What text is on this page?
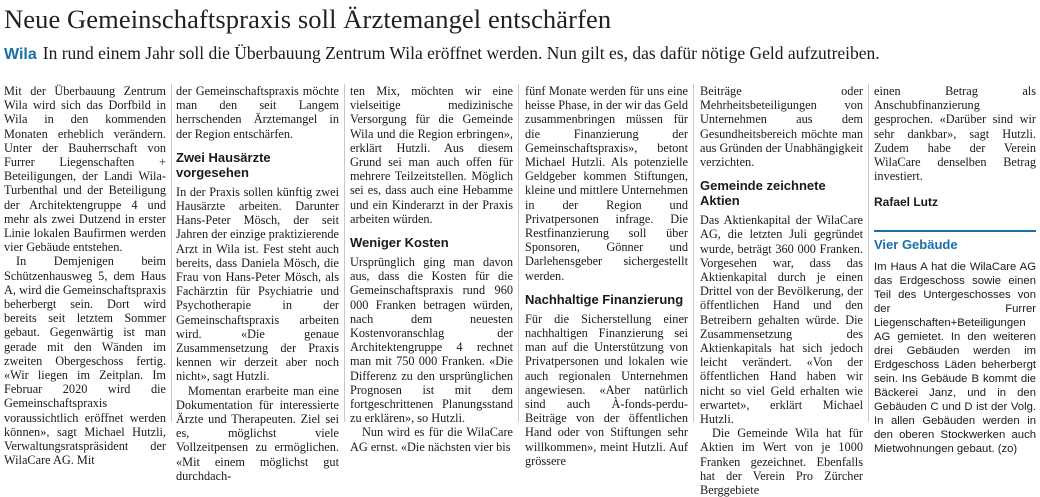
Neue Gemeinschaftspraxis soll Ärztemangel entschärfen
Wila In rund einem Jahr soll die Überbauung Zentrum Wila eröffnet werden. Nun gilt es, das dafür nötige Geld aufzutreiben.

Mit der Überbauung Zentrum Wila wird sich das Dorfbild in Wila in den kommenden Monaten erheblich verändern. Unter der Bauherrschaft von Furrer Liegenschaften + Beteiligungen, der Landi Wila-Turbenthal und der Beteiligung der Architektengruppe 4 und mehr als zwei Dutzend in erster Linie lokalen Baufirmen werden vier Gebäude entstehen.

In Demjenigen beim Schützenhausweg 5, dem Haus A, wird die Gemeinschaftspraxis beherbergt sein. Dort wird bereits seit letztem Sommer gebaut. Gegenwärtig ist man gerade mit den Wänden im zweiten Obergeschoss fertig. «Wir liegen im Zeitplan. Im Februar 2020 wird die Gemeinschaftspraxis voraussichtlich eröffnet werden können», sagt Michael Hutzli, Verwaltungsratspräsident der WilaCare AG. Mit

der Gemeinschaftspraxis möchte man den seit Langem herrschenden Ärztemangel in der Region entschärfen.

Zwei Hausärzte vorgesehen

In der Praxis sollen künftig zwei Hausärzte arbeiten. Darunter Hans-Peter Mösch, der seit Jahren der einzige praktizierende Arzt in Wila ist. Fest steht auch bereits, dass Daniela Mösch, die Frau von Hans-Peter Mösch, als Fachärztin für Psychiatrie und Psychotherapie in der Gemeinschaftspraxis arbeiten wird. «Die genaue Zusammensetzung der Praxis kennen wir derzeit aber noch nicht», sagt Hutzli.

Momentan erarbeite man eine Dokumentation für interessierte Ärzte und Therapeuten. Ziel sei es, möglichst viele Vollzeitpensen zu ermöglichen. «Mit einem möglichst gut durchdach-

ten Mix, möchten wir eine vielseitige medizinische Versorgung für die Gemeinde Wila und die Region erbringen», erklärt Hutzli. Aus diesem Grund sei man auch offen für mehrere Teilzeitstellen. Möglich sei es, dass auch eine Hebamme und ein Kinderarzt in der Praxis arbeiten würden.

Weniger Kosten

Ursprünglich ging man davon aus, dass die Kosten für die Gemeinschaftspraxis rund 960 000 Franken betragen würden, nach dem neuesten Kostenvoranschlag der Architektengruppe 4 rechnet man mit 750 000 Franken. «Die Differenz zu den ursprünglichen Prognosen ist mit dem fortgeschrittenen Planungsstand zu erklären», so Hutzli.

Nun wird es für die WilaCare AG ernst. «Die nächsten vier bis

fünf Monate werden für uns eine heisse Phase, in der wir das Geld zusammenbringen müssen für die Finanzierung der Gemeinschaftspraxis», betont Michael Hutzli. Als potenzielle Geldgeber kommen Stiftungen, kleine und mittlere Unternehmen in der Region und Privatpersonen infrage. Die Restfinanzierung soll über Sponsoren, Gönner und Darlehensgeber sichergestellt werden.

Nachhaltige Finanzierung

Für die Sicherstellung einer nachhaltigen Finanzierung sei man auf die Unterstützung von Privatpersonen und lokalen wie auch regionalen Unternehmen angewiesen. «Aber natürlich sind auch À-fonds-perdu-Beiträge von der öffentlichen Hand oder von Stiftungen sehr willkommen», meint Hutzli. Auf grössere

Beiträge oder Mehrheitsbeteiligungen von Unternehmen aus dem Gesundheitsbereich möchte man aus Gründen der Unabhängigkeit verzichten.

Gemeinde zeichnete Aktien

Das Aktienkapital der WilaCare AG, die letzten Juli gegründet wurde, beträgt 360 000 Franken. Vorgesehen war, dass das Aktienkapital durch je einen Drittel von der Bevölkerung, der öffentlichen Hand und den Betreibern gehalten würde. Die Zusammensetzung des Aktienkapitals hat sich jedoch leicht verändert. «Von der öffentlichen Hand haben wir nicht so viel Geld erhalten wie erwartet», erklärt Michael Hutzli.

Die Gemeinde Wila hat für Aktien im Wert von je 1000 Franken gezeichnet. Ebenfalls hat der Verein Pro Zürcher Berggebiete

einen Betrag als Anschubfinanzierung gesprochen. «Darüber sind wir sehr dankbar», sagt Hutzli. Zudem habe der Verein WilaCare denselben Betrag investiert.

Rafael Lutz
Vier Gebäude

Im Haus A hat die WilaCare AG das Erdgeschoss sowie einen Teil des Untergeschosses von der Furrer Liegenschaften+Beteiligungen AG gemietet. In den weiteren drei Gebäuden werden im Erdgeschoss Läden beherbergt sein. Ins Gebäude B kommt die Bäckerei Janz, und in den Gebäuden C und D ist der Volg. In allen Gebäuden werden in den oberen Stockwerken auch Mietwohnungen gebaut. (zo)
